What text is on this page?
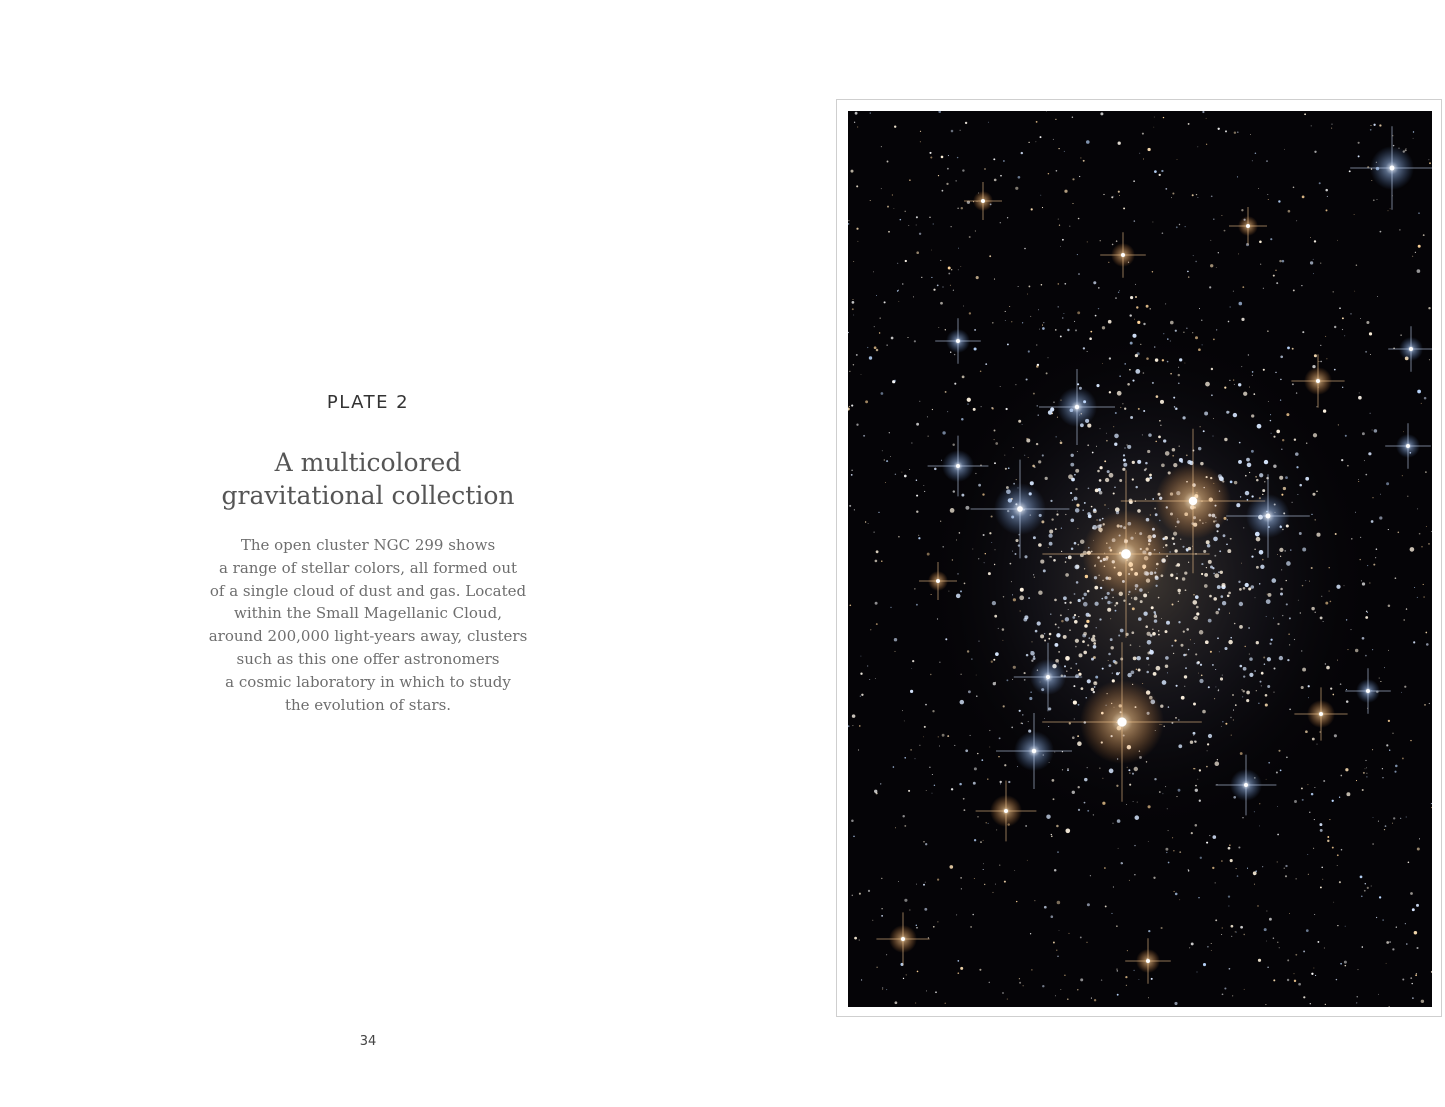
PLATE 2
A multicolored
gravitational collection

The open cluster NGC 299 shows
a range of stellar colors, all formed out
of a single cloud of dust and gas. Located
within the Small Magellanic Cloud,
around 200,000 light-years away, clusters
such as this one offer astronomers
a cosmic laboratory in which to study
the evolution of stars.

34
